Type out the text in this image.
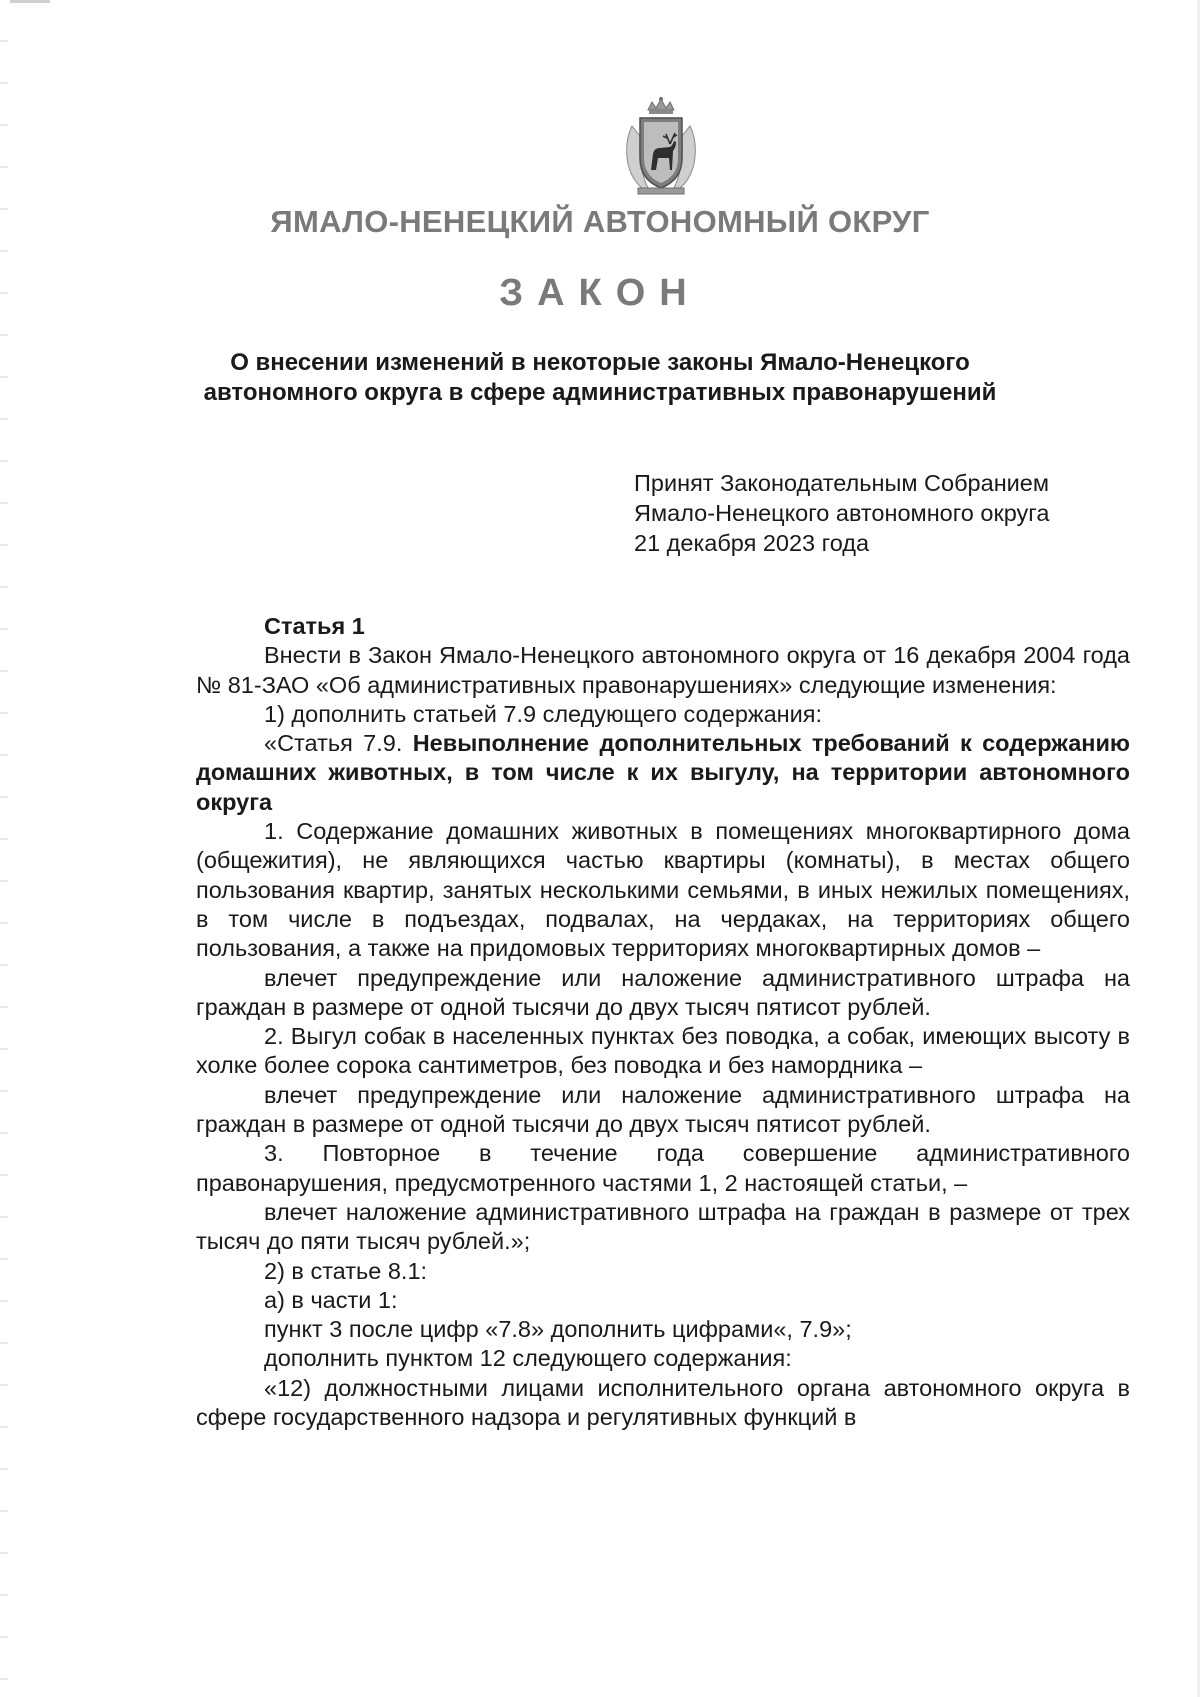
ЯМАЛО-НЕНЕЦКИЙ АВТОНОМНЫЙ ОКРУГ
ЗАКОН
О внесении изменений в некоторые законы Ямало-Ненецкого
автономного округа в сфере административных правонарушений
Принят Законодательным Собранием
Ямало-Ненецкого автономного округа
21 декабря 2023 года

Статья 1

Внести в Закон Ямало-Ненецкого автономного округа от 16 декабря 2004 года № 81-ЗАО «Об административных правонарушениях» следующие изменения:

1) дополнить статьей 7.9 следующего содержания:

«Статья 7.9. Невыполнение дополнительных требований к содержанию домашних животных, в том числе к их выгулу, на территории автономного округа

1. Содержание домашних животных в помещениях многоквартирного дома (общежития), не являющихся частью квартиры (комнаты), в местах общего пользования квартир, занятых несколькими семьями, в иных нежилых помещениях, в том числе в подъездах, подвалах, на чердаках, на территориях общего пользования, а также на придомовых территориях многоквартирных домов –

влечет предупреждение или наложение административного штрафа на граждан в размере от одной тысячи до двух тысяч пятисот рублей.

2. Выгул собак в населенных пунктах без поводка, а собак, имеющих высоту в холке более сорока сантиметров, без поводка и без намордника –

влечет предупреждение или наложение административного штрафа на граждан в размере от одной тысячи до двух тысяч пятисот рублей.

3. Повторное в течение года совершение административного правонарушения, предусмотренного частями 1, 2 настоящей статьи, –

влечет наложение административного штрафа на граждан в размере от трех тысяч до пяти тысяч рублей.»;

2) в статье 8.1:

а) в части 1:

пункт 3 после цифр «7.8» дополнить цифрами«, 7.9»;

дополнить пунктом 12 следующего содержания:

«12) должностными лицами исполнительного органа автономного округа в сфере государственного надзора и регулятивных функций в
